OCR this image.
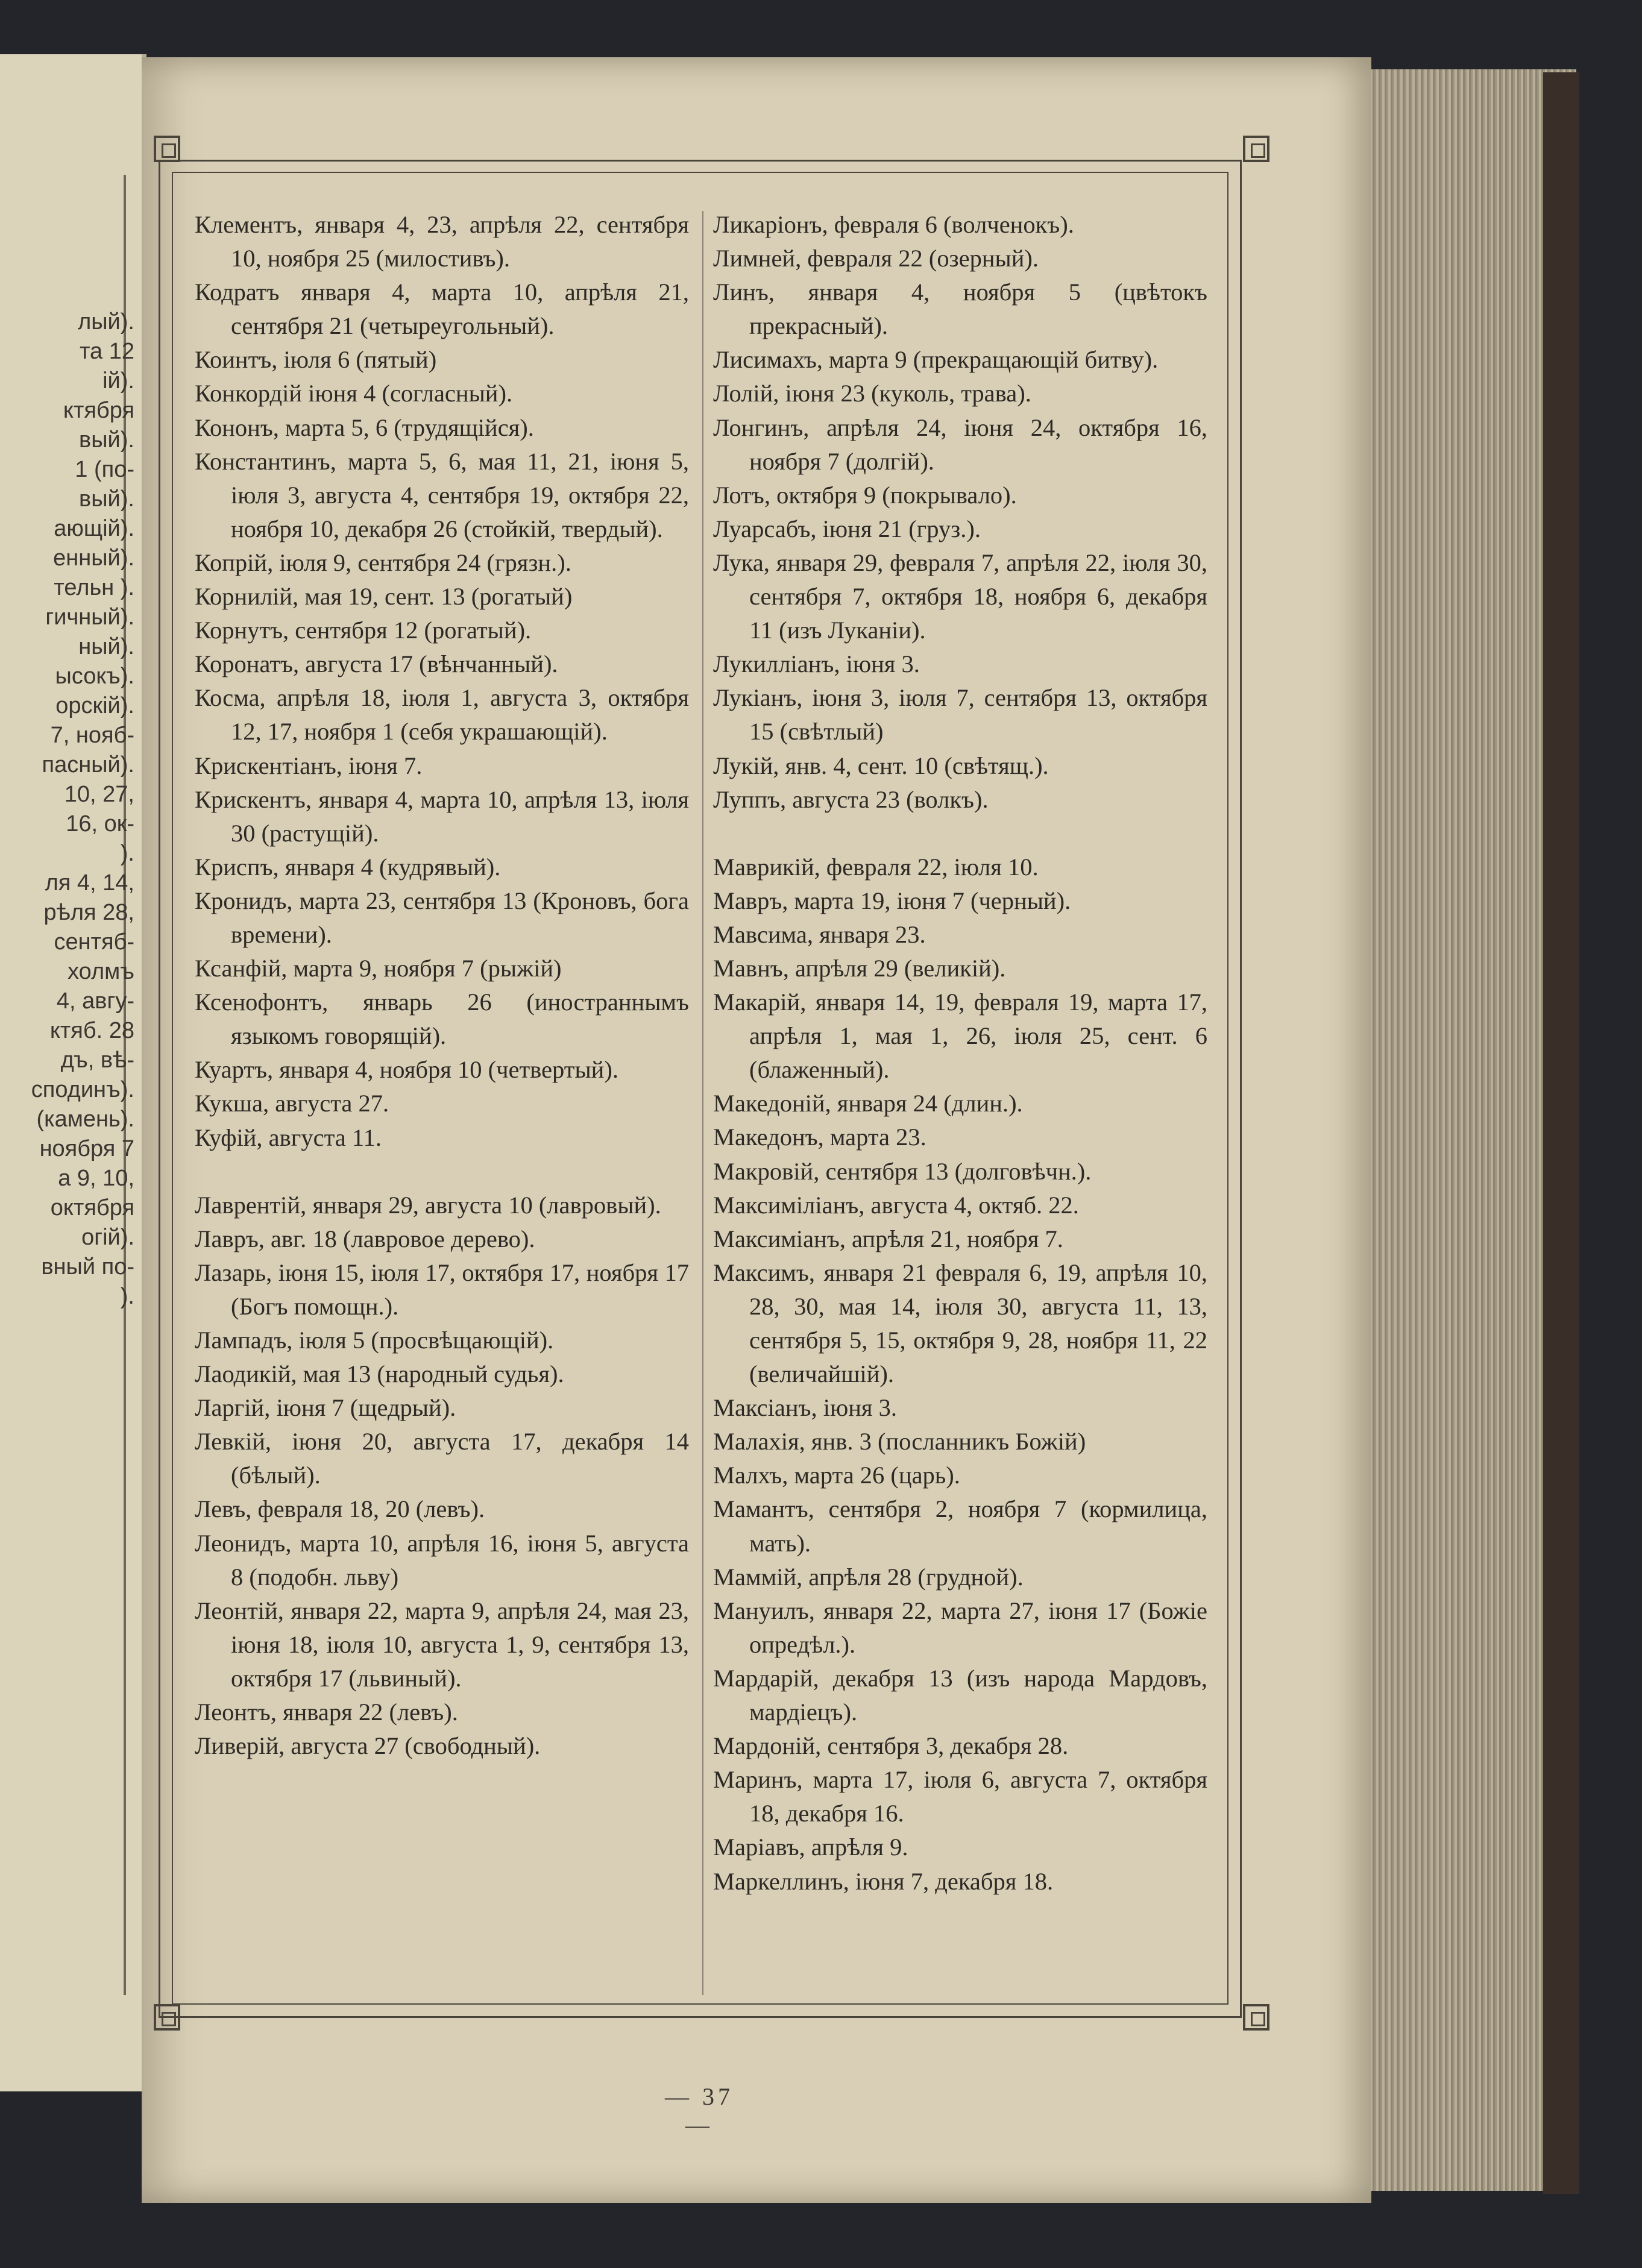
лый).
та 12
ій).
ктября
вый).
1 (по-
вый).
ающій).
енный).
тельн ).
гичный).
ный).
ысокъ).
орскій).
7, нояб-
пасный).
10, 27,
16, ок-
).
ля 4, 14,
рѣля 28,
сентяб-
холмъ
4, авгу-
ктяб. 28
дъ, вѣ-
сподинъ).
(камень).
ноября 7
а 9, 10,
октября
огій).
вный по-
).
Клементъ, января 4, 23, апрѣля 22, сентября 10, ноября 25 (милостивъ).
Кодратъ января 4, марта 10, апрѣля 21, сентября 21 (четыреугольный).
Коинтъ, іюля 6 (пятый)
Конкордій іюня 4 (согласный).
Кононъ, марта 5, 6 (трудящійся).
Константинъ, марта 5, 6, мая 11, 21, іюня 5, іюля 3, августа 4, сентября 19, октября 22, ноября 10, декабря 26 (стойкій, твердый).
Копрій, іюля 9, сентября 24 (грязн.).
Корнилій, мая 19, сент. 13 (рогатый)
Корнутъ, сентября 12 (рогатый).
Коронатъ, августа 17 (вѣнчанный).
Косма, апрѣля 18, іюля 1, августа 3, октября 12, 17, ноября 1 (себя украшающій).
Крискентіанъ, іюня 7.
Крискентъ, января 4, марта 10, апрѣля 13, іюля 30 (растущій).
Криспъ, января 4 (кудрявый).
Кронидъ, марта 23, сентября 13 (Кроновъ, бога времени).
Ксанфій, марта 9, ноября 7 (рыжій)
Ксенофонтъ, январь 26 (иностраннымъ языкомъ говорящій).
Куартъ, января 4, ноября 10 (четвертый).
Кукша, августа 27.
Куфій, августа 11.
Лаврентій, января 29, августа 10 (лавровый).
Лавръ, авг. 18 (лавровое дерево).
Лазарь, іюня 15, іюля 17, октября 17, ноября 17 (Богъ помощн.).
Лампадъ, іюля 5 (просвѣщающій).
Лаодикій, мая 13 (народный судья).
Ларгій, іюня 7 (щедрый).
Левкій, іюня 20, августа 17, декабря 14 (бѣлый).
Левъ, февраля 18, 20 (левъ).
Леонидъ, марта 10, апрѣля 16, іюня 5, августа 8 (подобн. льву)
Леонтій, января 22, марта 9, апрѣля 24, мая 23, іюня 18, іюля 10, августа 1, 9, сентября 13, октября 17 (львиный).
Леонтъ, января 22 (левъ).
Ливерій, августа 27 (свободный).
Ликаріонъ, февраля 6 (волченокъ).
Лимней, февраля 22 (озерный).
Линъ, января 4, ноября 5 (цвѣтокъ прекрасный).
Лисимахъ, марта 9 (прекращающій битву).
Лолій, іюня 23 (куколь, трава).
Лонгинъ, апрѣля 24, іюня 24, октября 16, ноября 7 (долгій).
Лотъ, октября 9 (покрывало).
Луарсабъ, іюня 21 (груз.).
Лука, января 29, февраля 7, апрѣля 22, іюля 30, сентября 7, октября 18, ноября 6, декабря 11 (изъ Луканіи).
Лукилліанъ, іюня 3.
Лукіанъ, іюня 3, іюля 7, сентября 13, октября 15 (свѣтлый)
Лукій, янв. 4, сент. 10 (свѣтящ.).
Луппъ, августа 23 (волкъ).
Маврикій, февраля 22, іюля 10.
Мавръ, марта 19, іюня 7 (черный).
Мавсима, января 23.
Мавнъ, апрѣля 29 (великій).
Макарій, января 14, 19, февраля 19, марта 17, апрѣля 1, мая 1, 26, іюля 25, сент. 6 (блаженный).
Македоній, января 24 (длин.).
Македонъ, марта 23.
Макровій, сентября 13 (долговѣчн.).
Максиміліанъ, августа 4, октяб. 22.
Максиміанъ, апрѣля 21, ноября 7.
Максимъ, января 21 февраля 6, 19, апрѣля 10, 28, 30, мая 14, іюля 30, августа 11, 13, сентября 5, 15, октября 9, 28, ноября 11, 22 (величайшій).
Максіанъ, іюня 3.
Малахія, янв. 3 (посланникъ Божій)
Малхъ, марта 26 (царь).
Мамантъ, сентября 2, ноября 7 (кормилица, мать).
Маммій, апрѣля 28 (грудной).
Мануилъ, января 22, марта 27, іюня 17 (Божіе опредѣл.).
Мардарій, декабря 13 (изъ народа Мардовъ, мардіецъ).
Мардоній, сентября 3, декабря 28.
Маринъ, марта 17, іюля 6, августа 7, октября 18, декабря 16.
Маріавъ, апрѣля 9.
Маркеллинъ, іюня 7, декабря 18.
— 37 —
